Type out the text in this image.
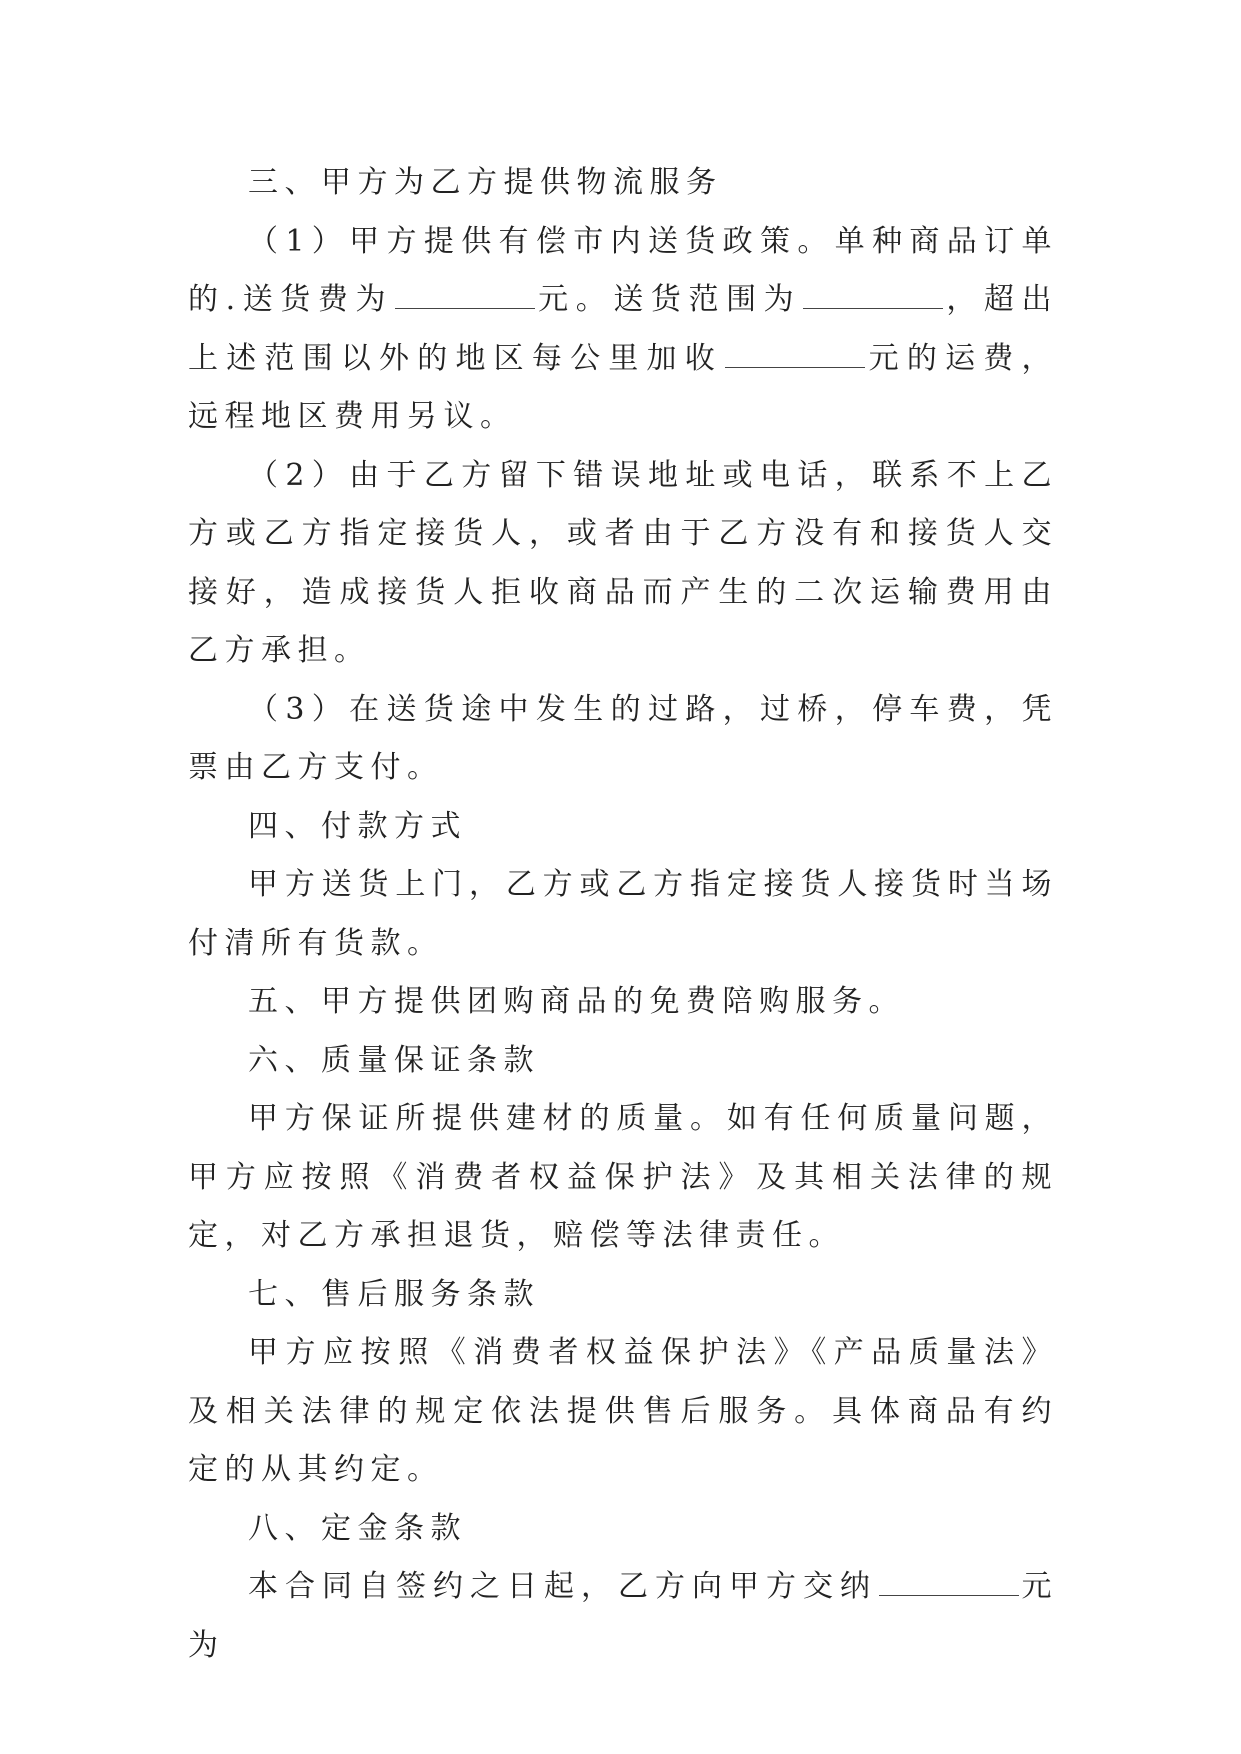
三、甲方为乙方提供物流服务

（1）甲方提供有偿市内送货政策。单种商品订单的.送货费为	元。送货范围为	，超出上述范围以外的地区每公里加收	元的运费，远程地区费用另议。

（2）由于乙方留下错误地址或电话，联系不上乙方或乙方指定接货人，或者由于乙方没有和接货人交接好，造成接货人拒收商品而产生的二次运输费用由乙方承担。

（3）在送货途中发生的过路，过桥，停车费，凭票由乙方支付。

四、付款方式

甲方送货上门，乙方或乙方指定接货人接货时当场付清所有货款。

五、甲方提供团购商品的免费陪购服务。

六、质量保证条款

甲方保证所提供建材的质量。如有任何质量问题，甲方应按照《消费者权益保护法》及其相关法律的规定，对乙方承担退货，赔偿等法律责任。

七、售后服务条款

甲方应按照《消费者权益保护法》《产品质量法》及相关法律的规定依法提供售后服务。具体商品有约定的从其约定。

八、定金条款

本合同自签约之日起，乙方向甲方交纳	元为
